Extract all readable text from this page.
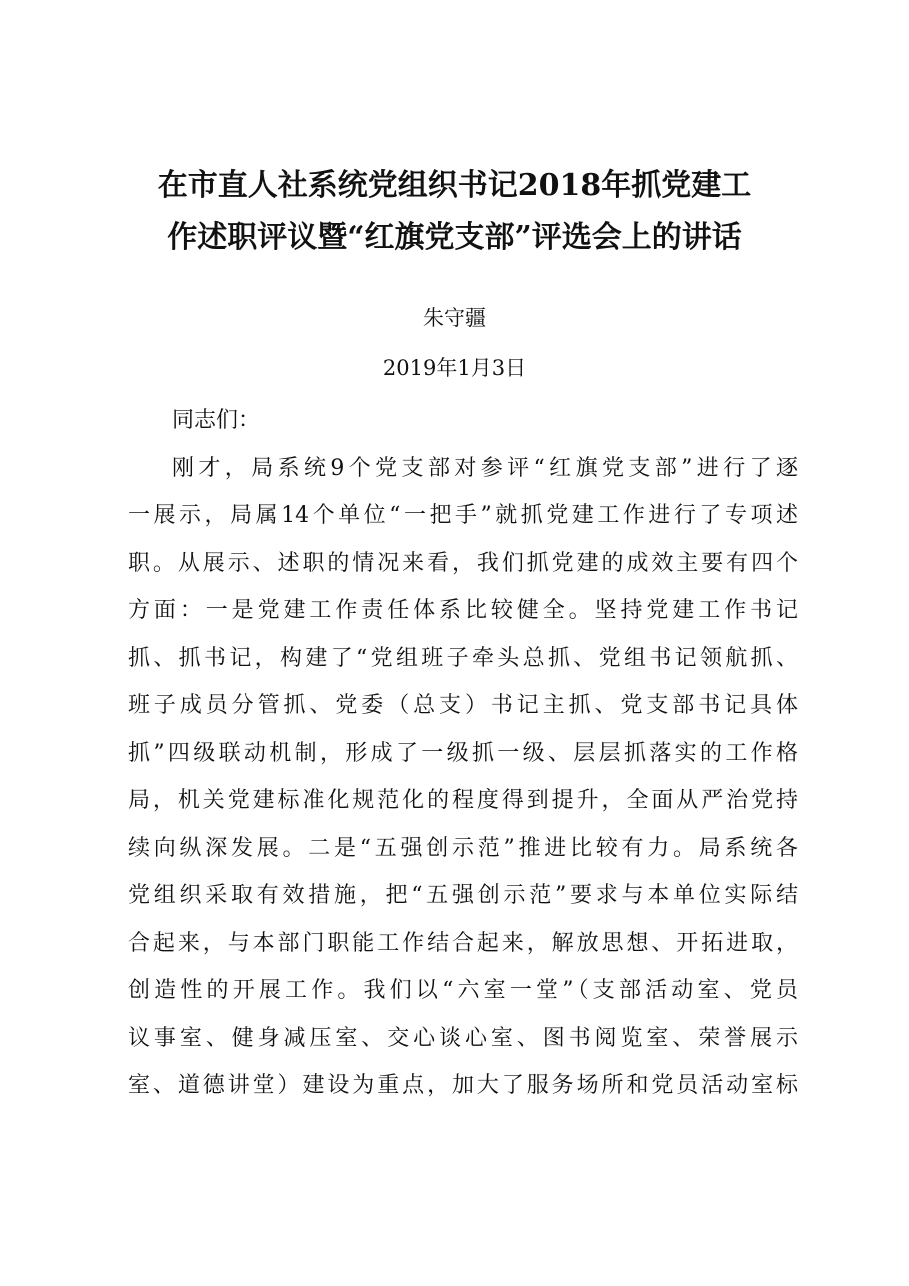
在市直人社系统党组织书记2018年抓党建工
作述职评议暨“红旗党支部”评选会上的讲话
朱守疆
2019年1月3日
同志们：
刚才，局系统9个党支部对参评“红旗党支部”进行了逐
一展示，局属14个单位“一把手”就抓党建工作进行了专项述
职。从展示、述职的情况来看，我们抓党建的成效主要有四个
方面：一是党建工作责任体系比较健全。坚持党建工作书记
抓、抓书记，构建了“党组班子牵头总抓、党组书记领航抓、
班子成员分管抓、党委（总支）书记主抓、党支部书记具体
抓”四级联动机制，形成了一级抓一级、层层抓落实的工作格
局，机关党建标准化规范化的程度得到提升，全面从严治党持
续向纵深发展。二是“五强创示范”推进比较有力。局系统各
党组织采取有效措施，把“五强创示范”要求与本单位实际结
合起来，与本部门职能工作结合起来，解放思想、开拓进取，
创造性的开展工作。我们以“六室一堂”（支部活动室、党员
议事室、健身减压室、交心谈心室、图书阅览室、荣誉展示
室、道德讲堂）建设为重点，加大了服务场所和党员活动室标
